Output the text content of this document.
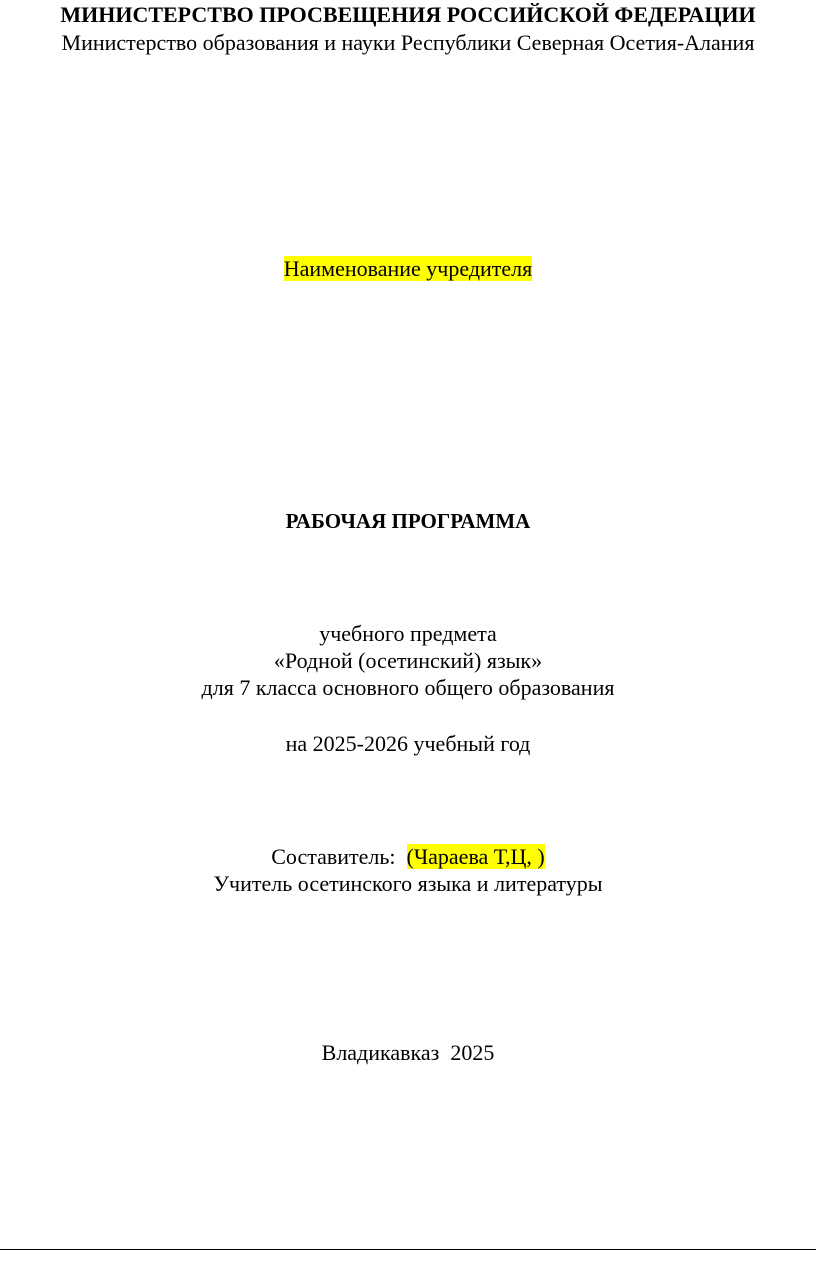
МИНИСТЕРСТВО ПРОСВЕЩЕНИЯ РОССИЙСКОЙ ФЕДЕРАЦИИ
Министерство образования и науки Республики Северная Осетия-Алания
Наименование учредителя
РАБОЧАЯ ПРОГРАММА
учебного предмета
«Родной (осетинский) язык»
для 7 класса основного общего образования
на 2025-2026 учебный год
Составитель: (Чараева Т,Ц, )
Учитель осетинского языка и литературы
Владикавказ  2025
